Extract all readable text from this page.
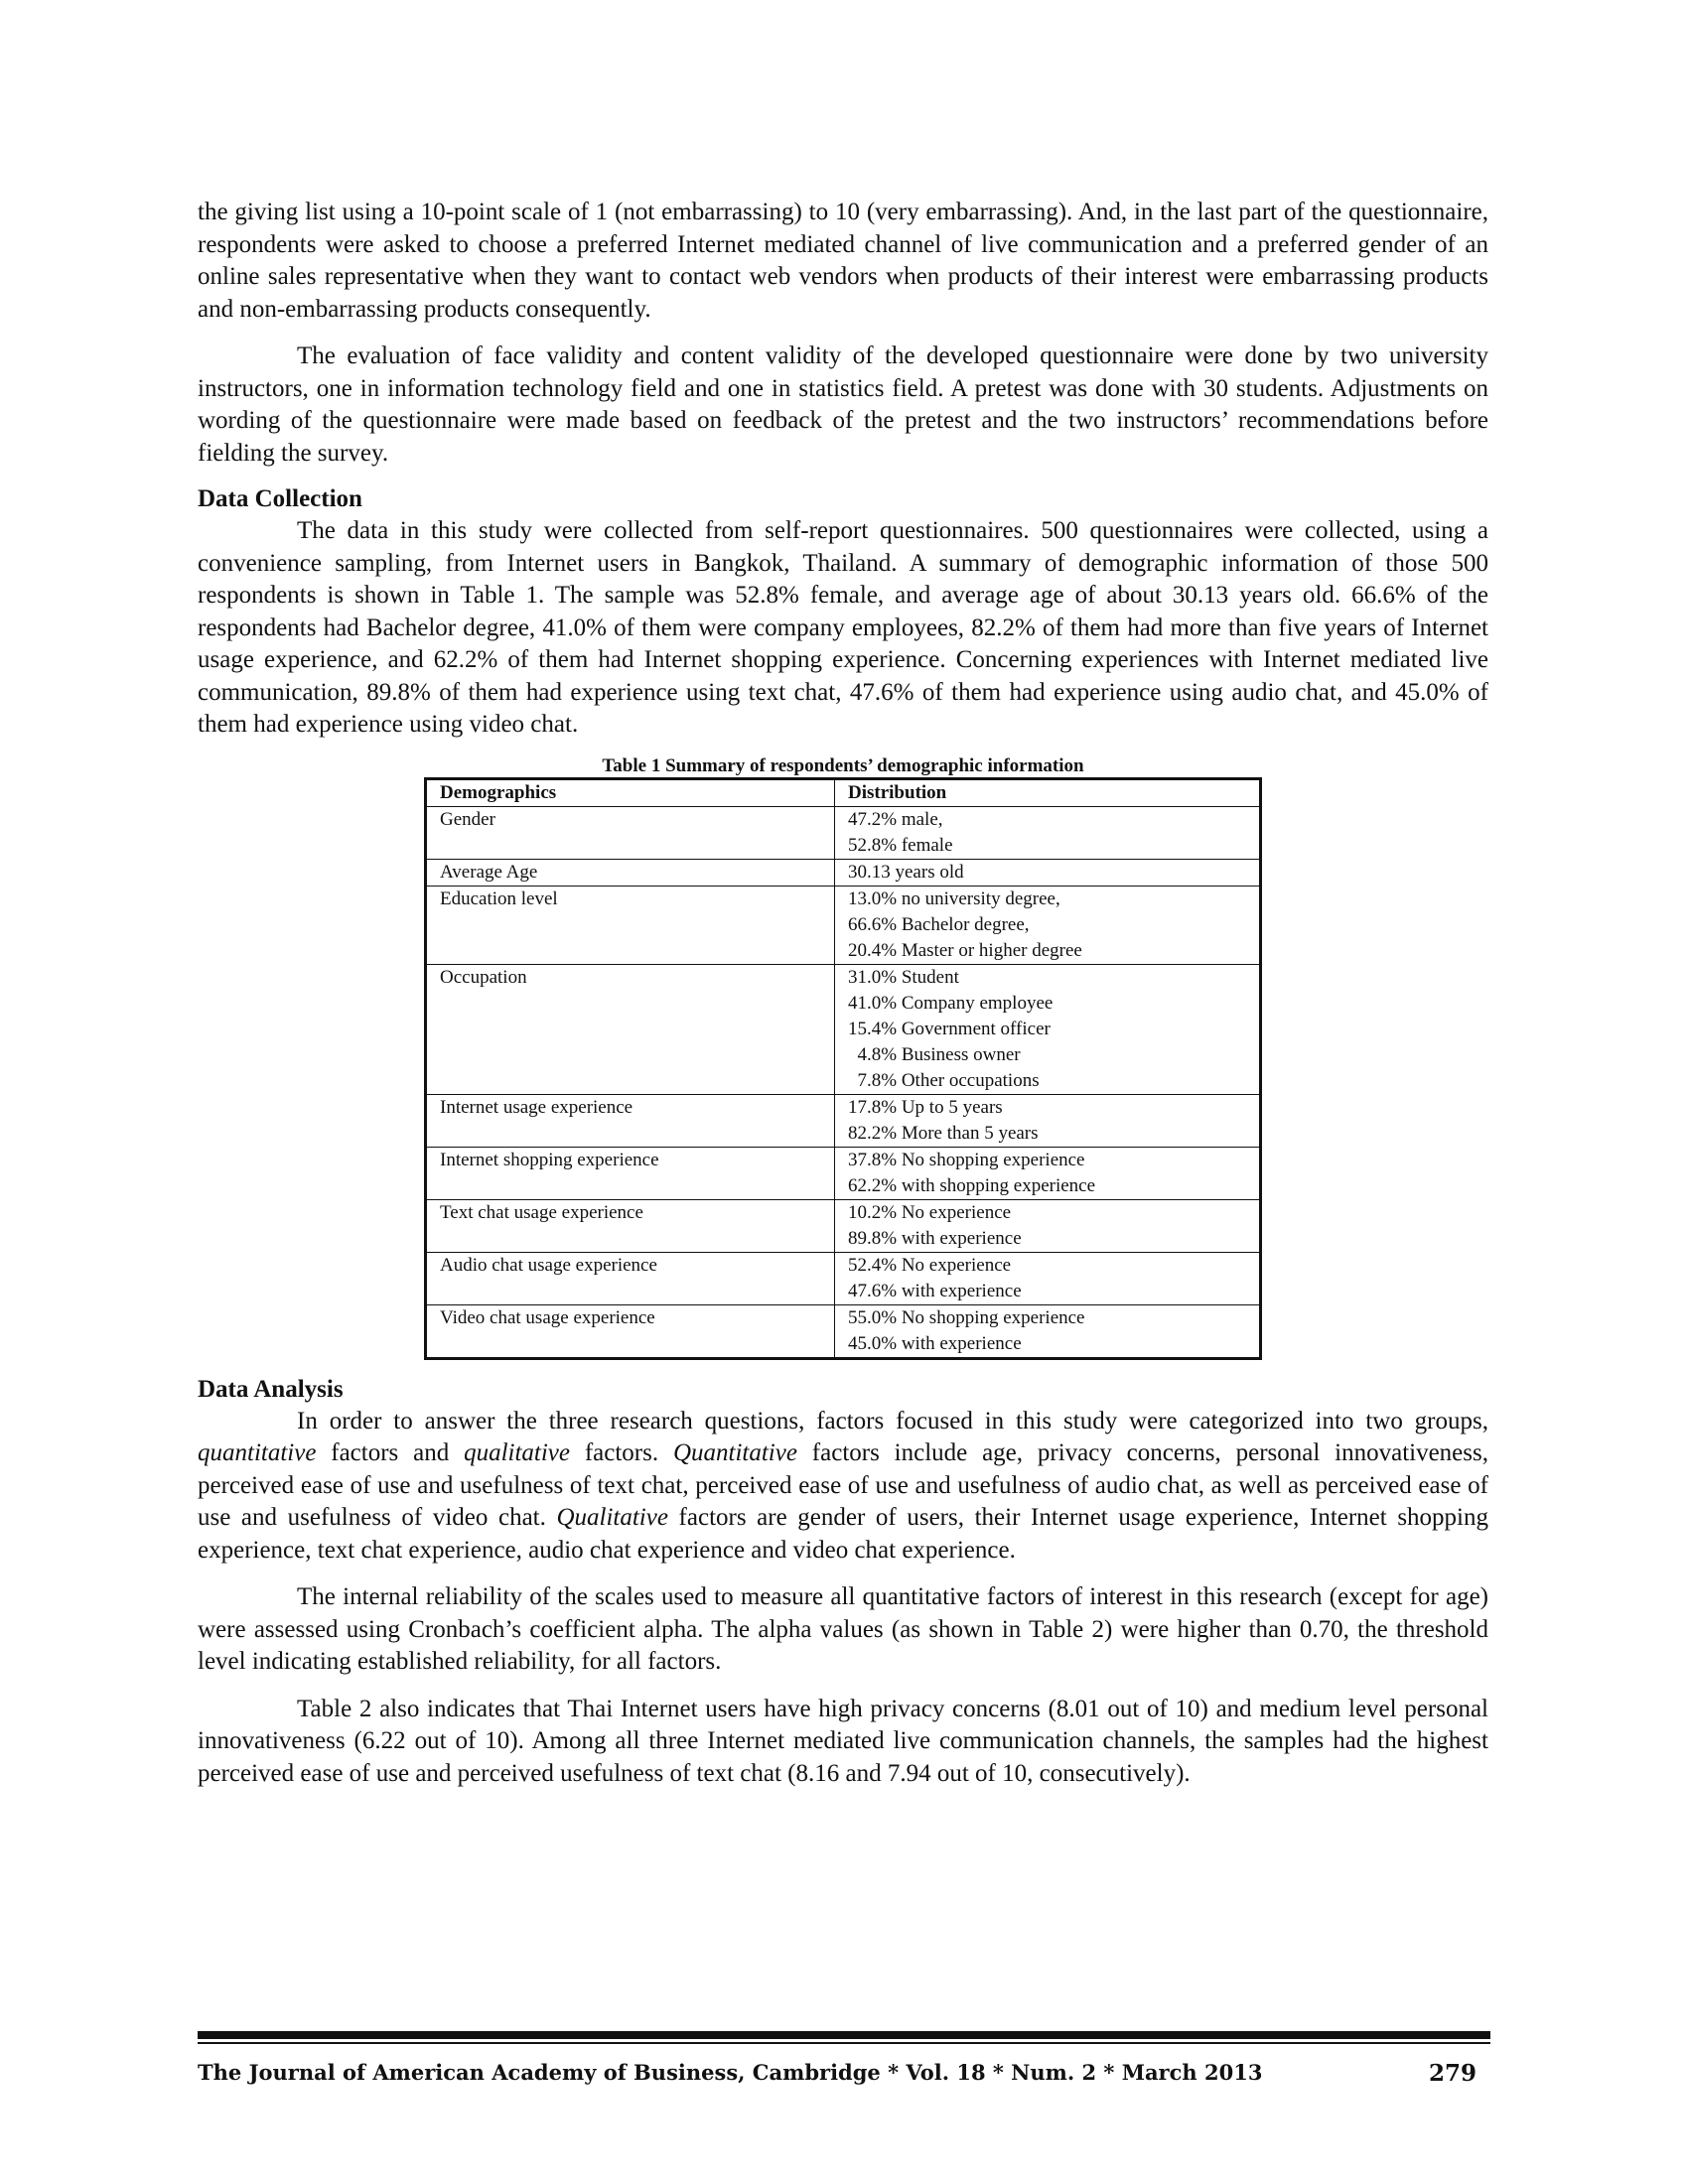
the giving list using a 10-point scale of 1 (not embarrassing) to 10 (very embarrassing). And, in the last part of the questionnaire, respondents were asked to choose a preferred Internet mediated channel of live communication and a preferred gender of an online sales representative when they want to contact web vendors when products of their interest were embarrassing products and non-embarrassing products consequently.

The evaluation of face validity and content validity of the developed questionnaire were done by two university instructors, one in information technology field and one in statistics field. A pretest was done with 30 students. Adjustments on wording of the questionnaire were made based on feedback of the pretest and the two instructors’ recommendations before fielding the survey.

Data Collection

The data in this study were collected from self-report questionnaires. 500 questionnaires were collected, using a convenience sampling, from Internet users in Bangkok, Thailand. A summary of demographic information of those 500 respondents is shown in Table 1. The sample was 52.8% female, and average age of about 30.13 years old. 66.6% of the respondents had Bachelor degree, 41.0% of them were company employees, 82.2% of them had more than five years of Internet usage experience, and 62.2% of them had Internet shopping experience. Concerning experiences with Internet mediated live communication, 89.8% of them had experience using text chat, 47.6% of them had experience using audio chat, and 45.0% of them had experience using video chat.

Table 1 Summary of respondents’ demographic information
Demographics	Distribution
Gender	47.2% male,
52.8% female

Average Age	30.13 years old

Education level	13.0% no university degree,
66.6% Bachelor degree,
20.4% Master or higher degree

Occupation	31.0% Student
41.0% Company employee
15.4% Government officer
4.8% Business owner
7.8% Other occupations

Internet usage experience	17.8% Up to 5 years
82.2% More than 5 years

Internet shopping experience	37.8% No shopping experience
62.2% with shopping experience

Text chat usage experience	10.2% No experience
89.8% with experience

Audio chat usage experience	52.4% No experience
47.6% with experience

Video chat usage experience	55.0% No shopping experience
45.0% with experience
Data Analysis

In order to answer the three research questions, factors focused in this study were categorized into two groups, quantitative factors and qualitative factors. Quantitative factors include age, privacy concerns, personal innovativeness, perceived ease of use and usefulness of text chat, perceived ease of use and usefulness of audio chat, as well as perceived ease of use and usefulness of video chat. Qualitative factors are gender of users, their Internet usage experience, Internet shopping experience, text chat experience, audio chat experience and video chat experience.

The internal reliability of the scales used to measure all quantitative factors of interest in this research (except for age) were assessed using Cronbach’s coefficient alpha. The alpha values (as shown in Table 2) were higher than 0.70, the threshold level indicating established reliability, for all factors.

Table 2 also indicates that Thai Internet users have high privacy concerns (8.01 out of 10) and medium level personal innovativeness (6.22 out of 10). Among all three Internet mediated live communication channels, the samples had the highest perceived ease of use and perceived usefulness of text chat (8.16 and 7.94 out of 10, consecutively).

The Journal of American Academy of Business, Cambridge * Vol. 18 * Num. 2 * March 2013	279
